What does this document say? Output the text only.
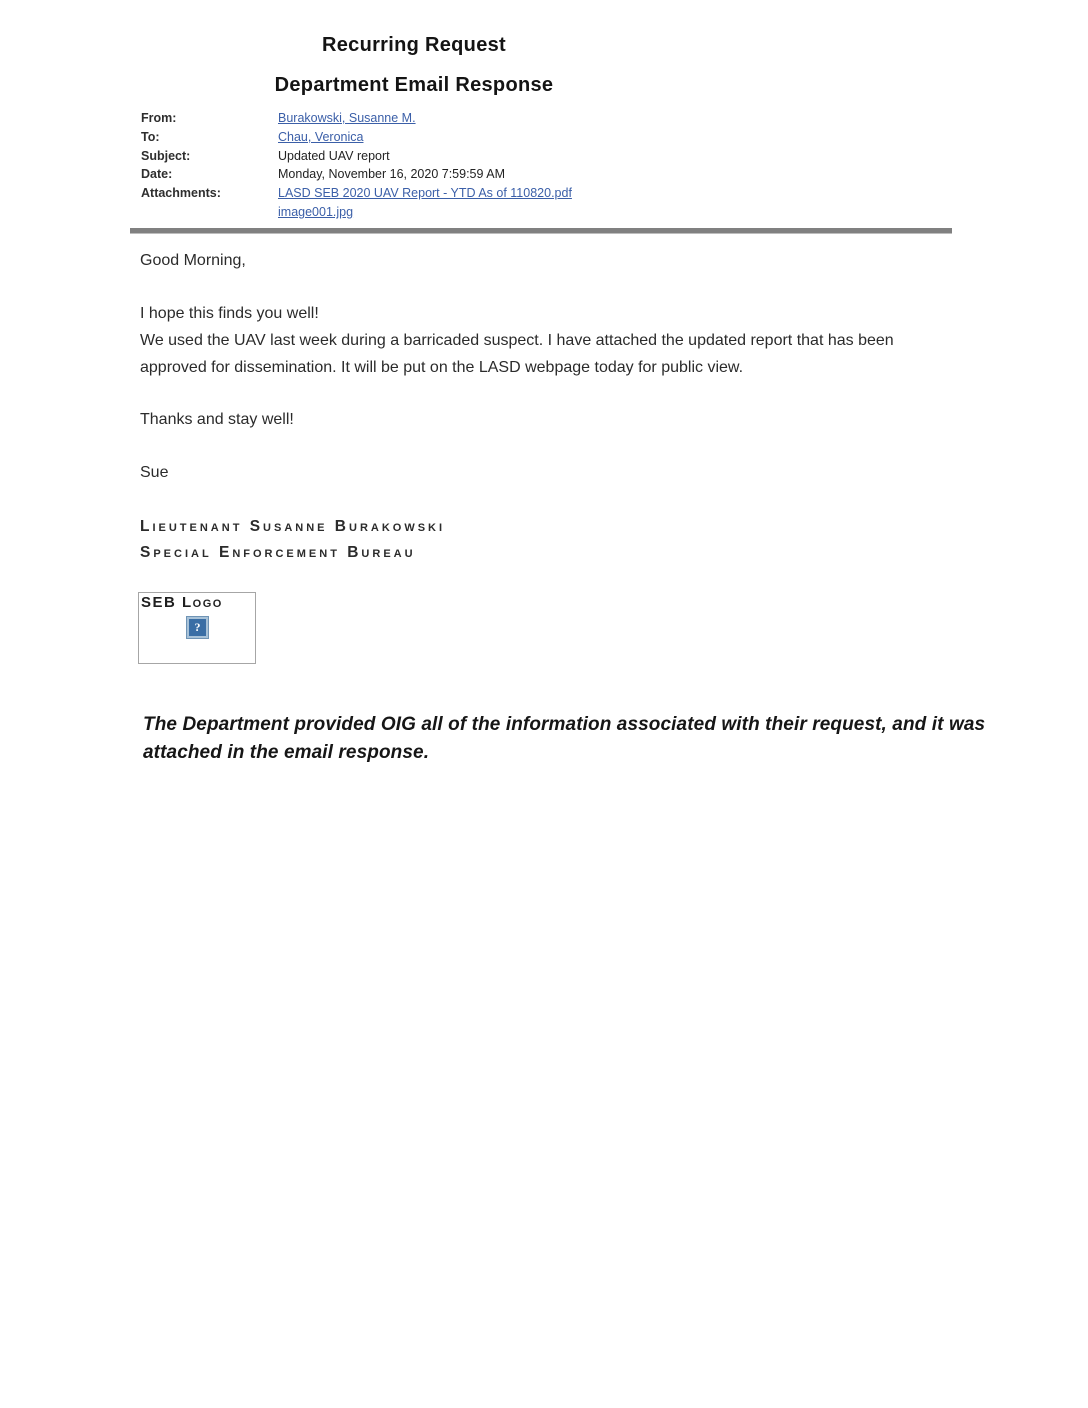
Recurring Request
Department Email Response
From:	Burakowski, Susanne M.
To:	Chau, Veronica
Subject:	Updated UAV report
Date:	Monday, November 16, 2020 7:59:59 AM
Attachments:	LASD SEB 2020 UAV Report - YTD As of 110820.pdf
image001.jpg
Good Morning,
I hope this finds you well!
We used the UAV last week during a barricaded suspect. I have attached the updated report that has been approved for dissemination. It will be put on the LASD webpage today for public view.
Thanks and stay well!
Sue
Lieutenant Susanne Burakowski
Special Enforcement Bureau
SEB Logo
?
The Department provided OIG all of the information associated with their request, and it was attached in the email response.
